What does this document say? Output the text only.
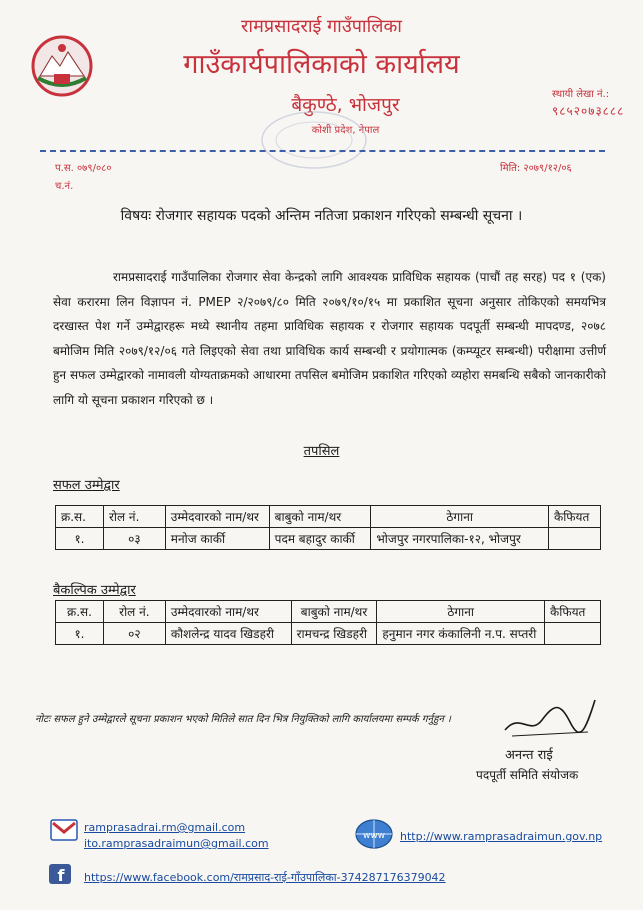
रामप्रसादराई गाउँपालिका
गाउँकार्यपालिकाको कार्यालय
बैकुण्ठे, भोजपुर
कोशी प्रदेश, नेपाल
स्थायी लेखा नं.:
९८५२०७३८८८
प.स. ०७९/०८०
च.नं.
मिति: २०७९/१२/०६
विषयः रोजगार सहायक पदको अन्तिम नतिजा प्रकाशन गरिएको सम्बन्धी सूचना ।
रामप्रसादराई गाउँपालिका रोजगार सेवा केन्द्रको लागि आवश्यक प्राविधिक सहायक (पाचौं तह सरह) पद १ (एक) सेवा करारमा लिन विज्ञापन नं. PMEP २/२०७९/८० मिति २०७९/१०/१५ मा प्रकाशित सूचना अनुसार तोकिएको समयभित्र दरखास्त पेश गर्ने उम्मेद्वारहरू मध्ये स्थानीय तहमा प्राविधिक सहायक र रोजगार सहायक पदपूर्ती सम्बन्धी मापदण्ड, २०७८ बमोजिम मिति २०७९/१२/०६ गते लिइएको सेवा तथा प्राविधिक कार्य सम्बन्धी र प्रयोगात्मक (कम्प्यूटर सम्बन्धी) परीक्षामा उत्तीर्ण हुन सफल उम्मेद्वारको नामावली योग्यताक्रमको आधारमा तपसिल बमोजिम प्रकाशित गरिएको व्यहोरा समबन्धि सबैको जानकारीको लागि यो सूचना प्रकाशन गरिएको छ ।
तपसिल
सफल उम्मेद्वार
क्र.स.	रोल नं.	उम्मेदवारको नाम/थर	बाबुको नाम/थर	ठेगाना	कैफियत
१.	०३	मनोज कार्की	पदम बहादुर कार्की	भोजपुर नगरपालिका-१२, भोजपुर	
बैकल्पिक उम्मेद्वार
क्र.स.	रोल नं.	उम्मेदवारको नाम/थर	बाबुको नाम/थर	ठेगाना	कैफियत
१.	०२	कौशलेन्द्र यादव खिडहरी	रामचन्द्र खिडहरी	हनुमान नगर कंकालिनी न.प. सप्तरी	
नोटः सफल हुने उम्मेद्वारले सूचना प्रकाशन भएको मितिले सात दिन भित्र नियुक्तिको लागि कार्यालयमा सम्पर्क गर्नुहुन ।
अनन्त राई
पदपूर्ती समिति संयोजक
ramprasadrai.rm@gmail.com
ito.ramprasadraimun@gmail.com
www http://www.ramprasadraimun.gov.np
f https://www.facebook.com/रामप्रसाद-राई-गाँउपालिका-374287176379042
